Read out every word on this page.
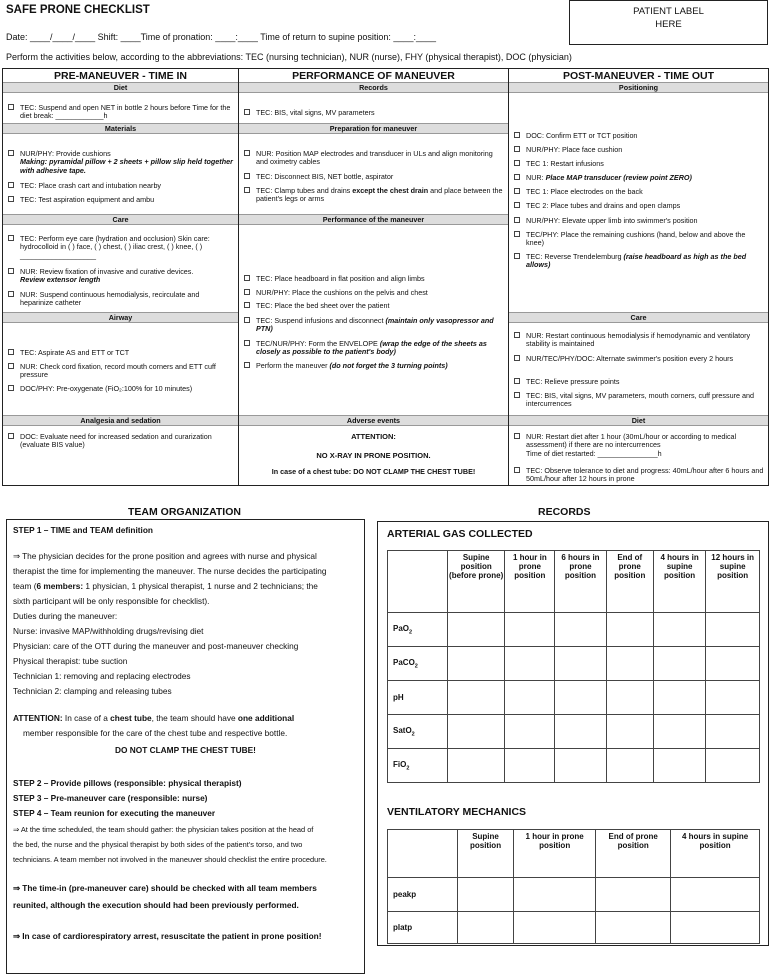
SAFE PRONE CHECKLIST	PATIENT LABEL
HERE
Date: ____/____/____ Shift: ____Time of pronation: ____:____ Time of return to supine position: ____:____
Perform the activities below, according to the abbreviations: TEC (nursing technician), NUR (nurse), FHY (physical therapist), DOC (physician)
PRE-MANEUVER - TIME IN
Diet
TEC: Suspend and open NET in bottle 2 hours before Time for the diet break: ____________h
Materials
NUR/PHY: Provide cushions
Making: pyramidal pillow + 2 sheets + pillow slip held together with adhesive tape.
TEC: Place crash cart and intubation nearby
TEC: Test aspiration equipment and ambu
Care
TEC: Perform eye care (hydration and occlusion) Skin care: hydrocolloid in ( ) face, ( ) chest, ( ) iliac crest, ( ) knee, ( ) ___________________
NUR: Review fixation of invasive and curative devices.
Review extensor length
NUR: Suspend continuous hemodialysis, recirculate and heparinize catheter
Airway
TEC: Aspirate AS and ETT or TCT
NUR: Check cord fixation, record mouth corners and ETT cuff pressure
DOC/PHY: Pre-oxygenate (FiO₂:100% for 10 minutes)
Analgesia and sedation
DOC: Evaluate need for increased sedation and curarization (evaluate BIS value)
PERFORMANCE OF MANEUVER
Records
TEC: BIS, vital signs, MV parameters
Preparation for maneuver
NUR: Position MAP electrodes and transducer in ULs and align monitoring and oximetry cables
TEC: Disconnect BIS, NET bottle, aspirator
TEC: Clamp tubes and drains except the chest drain and place between the patient's legs or arms
Performance of the maneuver
TEC: Place headboard in flat position and align limbs
NUR/PHY: Place the cushions on the pelvis and chest
TEC: Place the bed sheet over the patient
TEC: Suspend infusions and disconnect (maintain only vasopressor and PTN)
TEC/NUR/PHY: Form the ENVELOPE (wrap the edge of the sheets as closely as possible to the patient's body)
Perform the maneuver (do not forget the 3 turning points)
Adverse events
ATTENTION:
NO X-RAY IN PRONE POSITION.
In case of a chest tube: DO NOT CLAMP THE CHEST TUBE!
POST-MANEUVER - TIME OUT
Positioning
DOC: Confirm ETT or TCT position
NUR/PHY: Place face cushion
TEC 1: Restart infusions
NUR: Place MAP transducer (review point ZERO)
TEC 1: Place electrodes on the back
TEC 2: Place tubes and drains and open clamps
NUR/PHY: Elevate upper limb into swimmer's position
TEC/PHY: Place the remaining cushions (hand, below and above the knee)
TEC: Reverse Trendelemburg (raise headboard as high as the bed allows)
Care
NUR: Restart continuous hemodialysis if hemodynamic and ventilatory stability is maintained
NUR/TEC/PHY/DOC: Alternate swimmer's position every 2 hours
TEC: Relieve pressure points
TEC: BIS, vital signs, MV parameters, mouth corners, cuff pressure and intercurrences
Diet
NUR: Restart diet after 1 hour (30mL/hour or according to medical assessment) if there are no intercurrences
Time of diet restarted: _______________h
TEC: Observe tolerance to diet and progress: 40mL/hour after 6 hours and 50mL/hour after 12 hours in prone
TEAM ORGANIZATION
STEP 1 – TIME and TEAM definition
⇒ The physician decides for the prone position and agrees with nurse and physical
therapist the time for implementing the maneuver. The nurse decides the participating
team (6 members: 1 physician, 1 physical therapist, 1 nurse and 2 technicians; the
sixth participant will be only responsible for checklist).
Duties during the maneuver:
Nurse: invasive MAP/withholding drugs/revising diet
Physician: care of the OTT during the maneuver and post-maneuver checking
Physical therapist: tube suction
Technician 1: removing and replacing electrodes
Technician 2: clamping and releasing tubes
ATTENTION: In case of a chest tube, the team should have one additional
member responsible for the care of the chest tube and respective bottle.
DO NOT CLAMP THE CHEST TUBE!
STEP 2 – Provide pillows (responsible: physical therapist)
STEP 3 – Pre-maneuver care (responsible: nurse)
STEP 4 – Team reunion for executing the maneuver
⇒ At the time scheduled, the team should gather: the physician takes position at the head of
the bed, the nurse and the physical therapist by both sides of the patient's torso, and two
technicians. A team member not involved in the maneuver should checklist the entire procedure.
⇒ The time-in (pre-maneuver care) should be checked with all team members
reunited, although the execution should had been previously performed.
⇒ In case of cardiorespiratory arrest, resuscitate the patient in prone position!
RECORDS
ARTERIAL GAS COLLECTED
	Supine position (before prone)	1 hour in prone position	6 hours in prone position	End of prone position	4 hours in supine position	12 hours in supine position
PaO$_2$						
PaCO$_2$						
pH						
SatO$_2$						
FiO$_2$						
VENTILATORY MECHANICS
	Supine position	1 hour in prone position	End of prone position	4 hours in supine position
peakp				
platp				
